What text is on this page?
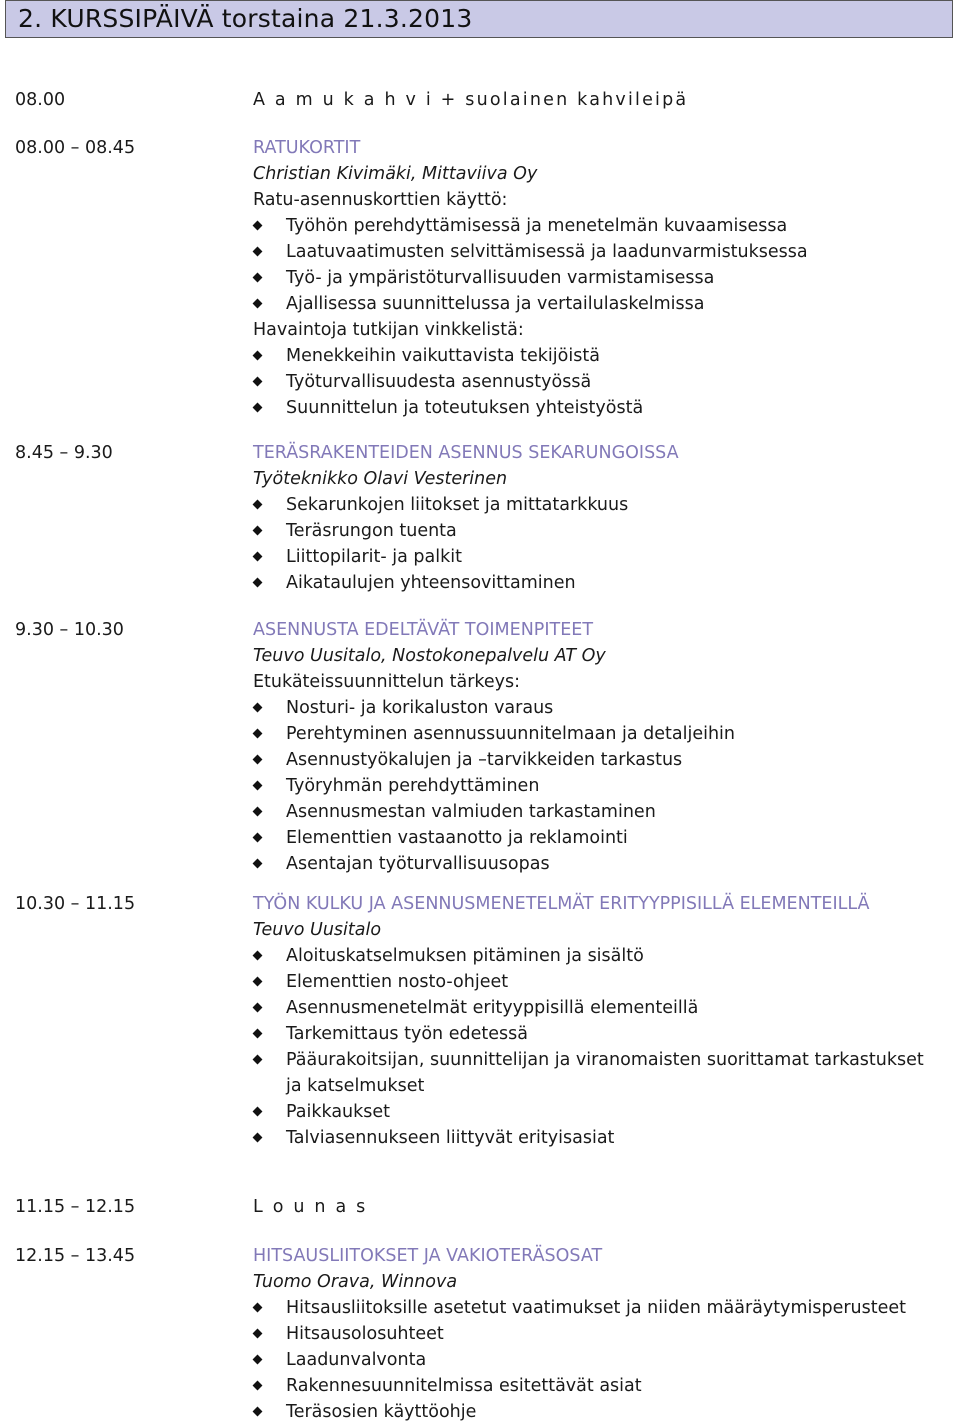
2. KURSSIPÄIVÄ torstaina 21.3.2013
08.00	A a m u k a h v i + suolainen kahvileipä
08.00 – 08.45	RATUKORTIT
Christian Kivimäki, Mittaviiva Oy
Ratu-asennuskorttien käyttö:
Työhön perehdyttämisessä ja menetelmän kuvaamisessa
Laatuvaatimusten selvittämisessä ja laadunvarmistuksessa
Työ- ja ympäristöturvallisuuden varmistamisessa
Ajallisessa suunnittelussa ja vertailulaskelmissa
Havaintoja tutkijan vinkkelistä:
Menekkeihin vaikuttavista tekijöistä
Työturvallisuudesta asennustyössä
Suunnittelun ja toteutuksen yhteistyöstä
8.45 – 9.30	TERÄSRAKENTEIDEN ASENNUS SEKARUNGOISSA
Työteknikko Olavi Vesterinen
Sekarunkojen liitokset ja mittatarkkuus
Teräsrungon tuenta
Liittopilarit- ja palkit
Aikataulujen yhteensovittaminen
9.30 – 10.30	ASENNUSTA EDELTÄVÄT TOIMENPITEET
Teuvo Uusitalo, Nostokonepalvelu AT Oy
Etukäteissuunnittelun tärkeys:
Nosturi- ja korikaluston varaus
Perehtyminen asennussuunnitelmaan ja detaljeihin
Asennustyökalujen ja –tarvikkeiden tarkastus
Työryhmän perehdyttäminen
Asennusmestan valmiuden tarkastaminen
Elementtien vastaanotto ja reklamointi
Asentajan työturvallisuusopas
10.30 – 11.15	TYÖN KULKU JA ASENNUSMENETELMÄT ERITYYPPISILLÄ ELEMENTEILLÄ
Teuvo Uusitalo
Aloituskatselmuksen pitäminen ja sisältö
Elementtien nosto-ohjeet
Asennusmenetelmät erityyppisillä elementeillä
Tarkemittaus työn edetessä
Pääurakoitsijan, suunnittelijan ja viranomaisten suorittamat tarkastukset ja katselmukset
Paikkaukset
Talviasennukseen liittyvät erityisasiat
11.15 – 12.15	L o u n a s
12.15 – 13.45	HITSAUSLIITOKSET JA VAKIOTERÄSOSAT
Tuomo Orava, Winnova
Hitsausliitoksille asetetut vaatimukset ja niiden määräytymisperusteet
Hitsausolosuhteet
Laadunvalvonta
Rakennesuunnitelmissa esitettävät asiat
Teräsosien käyttöohje
